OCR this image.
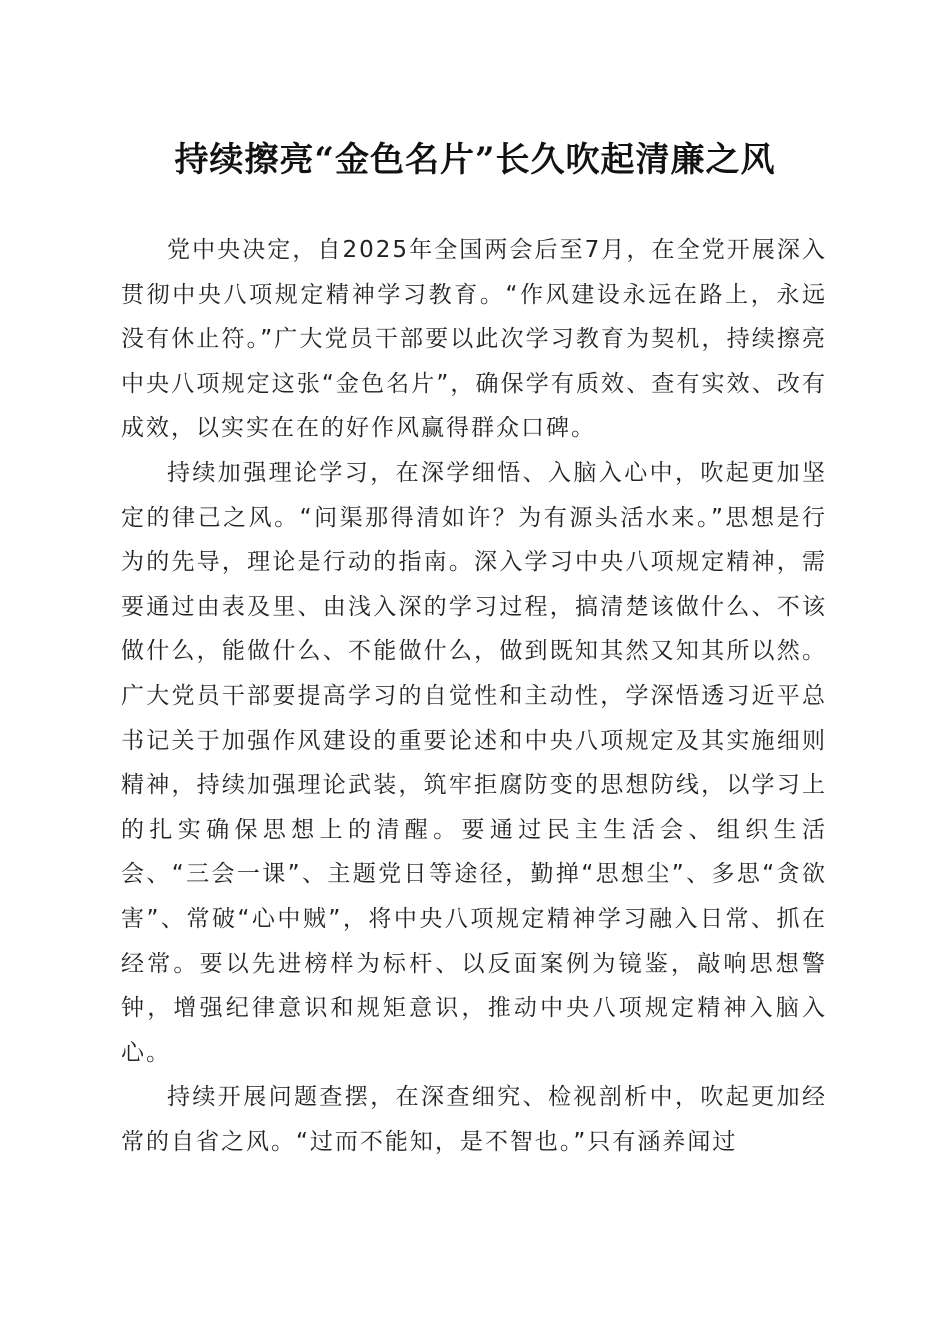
持续擦亮“金色名片”长久吹起清廉之风

党中央决定，自2025年全国两会后至7月，在全党开展深入贯彻中央八项规定精神学习教育。“作风建设永远在路上，永远没有休止符。”广大党员干部要以此次学习教育为契机，持续擦亮中央八项规定这张“金色名片”，确保学有质效、查有实效、改有成效，以实实在在的好作风赢得群众口碑。

持续加强理论学习，在深学细悟、入脑入心中，吹起更加坚定的律己之风。“问渠那得清如许？为有源头活水来。”思想是行为的先导，理论是行动的指南。深入学习中央八项规定精神，需要通过由表及里、由浅入深的学习过程，搞清楚该做什么、不该做什么，能做什么、不能做什么，做到既知其然又知其所以然。广大党员干部要提高学习的自觉性和主动性，学深悟透习近平总书记关于加强作风建设的重要论述和中央八项规定及其实施细则精神，持续加强理论武装，筑牢拒腐防变的思想防线，以学习上的扎实确保思想上的清醒。要通过民主生活会、组织生活会、“三会一课”、主题党日等途径，勤掸“思想尘”、多思“贪欲害”、常破“心中贼”，将中央八项规定精神学习融入日常、抓在经常。要以先进榜样为标杆、以反面案例为镜鉴，敲响思想警钟，增强纪律意识和规矩意识，推动中央八项规定精神入脑入心。

持续开展问题查摆，在深查细究、检视剖析中，吹起更加经常的自省之风。“过而不能知，是不智也。”只有涵养闻过
